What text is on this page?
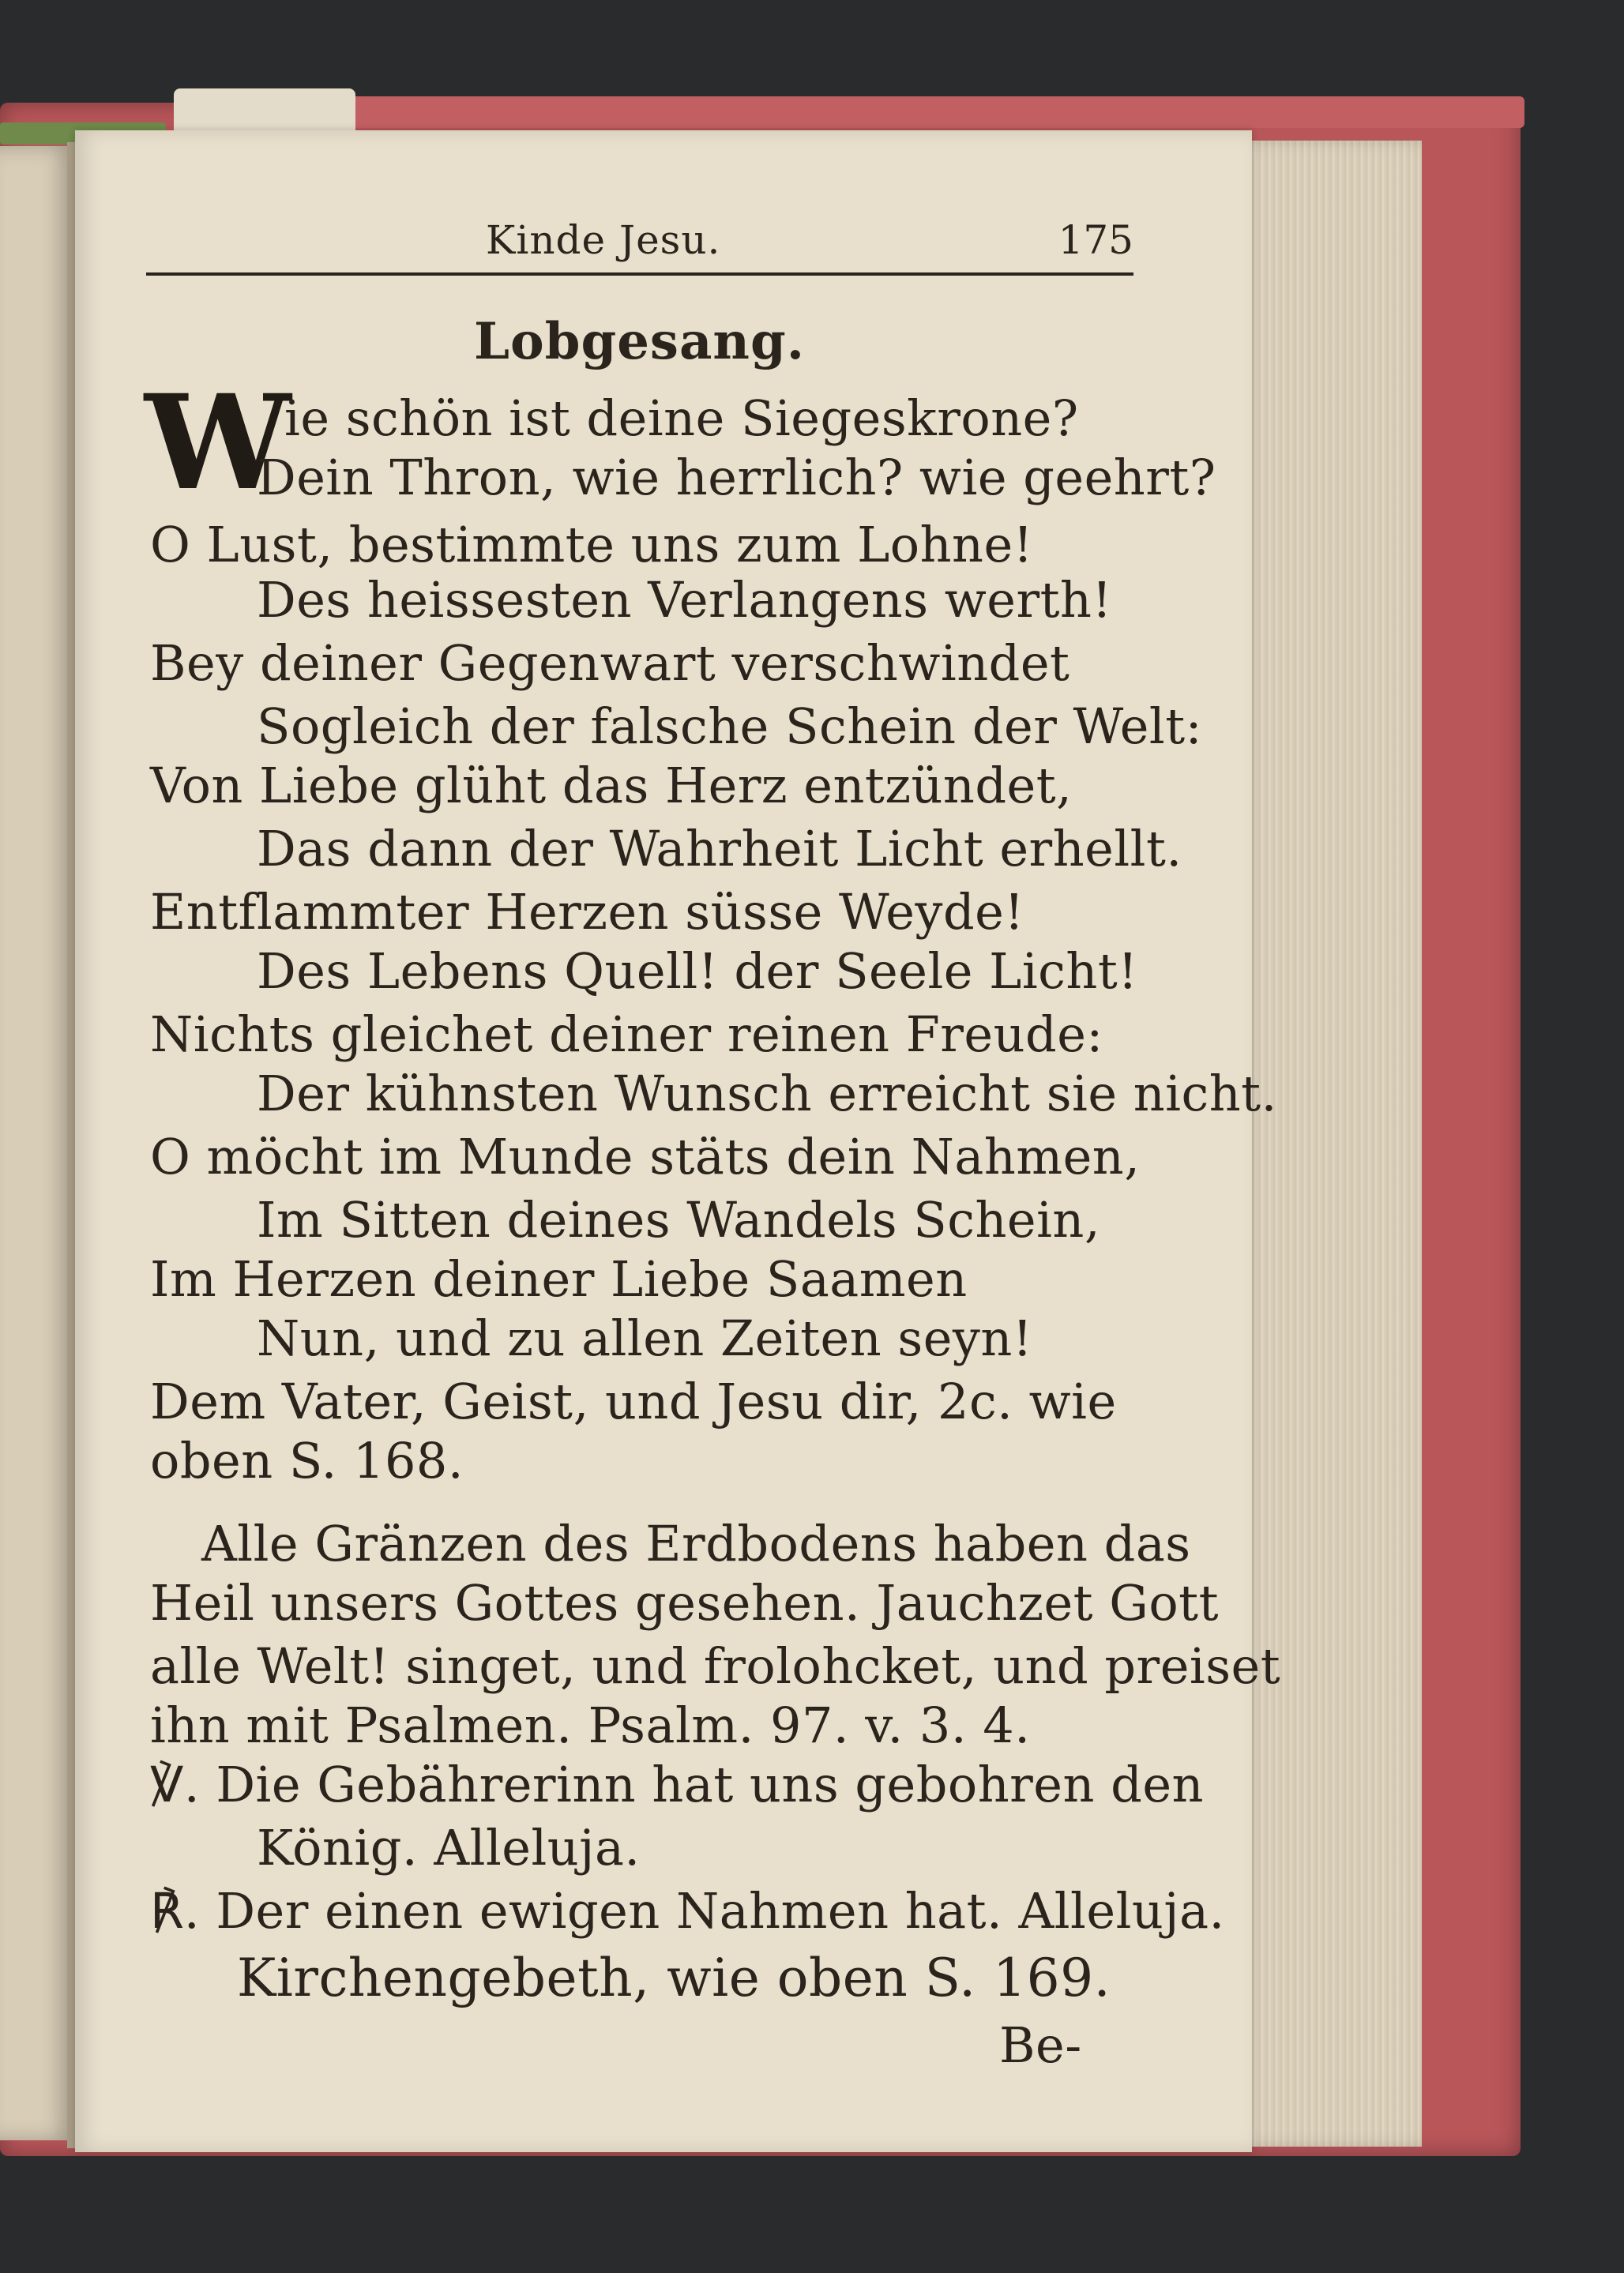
Kinde Jesu.	175
Lobgesang.
W
ie schön ist deine Siegeskrone?
Dein Thron, wie herrlich? wie geehrt?
O Lust, bestimmte uns zum Lohne!
Des heissesten Verlangens werth!
Bey deiner Gegenwart verschwindet
Sogleich der falsche Schein der Welt:
Von Liebe glüht das Herz entzündet,
Das dann der Wahrheit Licht erhellt.
Entflammter Herzen süsse Weyde!
Des Lebens Quell! der Seele Licht!
Nichts gleichet deiner reinen Freude:
Der kühnsten Wunsch erreicht sie nicht.
O möcht im Munde stäts dein Nahmen,
Im Sitten deines Wandels Schein,
Im Herzen deiner Liebe Saamen
Nun, und zu allen Zeiten seyn!
Dem Vater, Geist, und Jesu dir, 2c. wie
oben S. 168.
Alle Gränzen des Erdbodens haben das
Heil unsers Gottes gesehen. Jauchzet Gott
alle Welt! singet, und frolohcket, und preiset
ihn mit Psalmen. Psalm. 97. v. 3. 4.
℣. Die Gebährerinn hat uns gebohren den
König. Alleluja.
℟. Der einen ewigen Nahmen hat. Alleluja.
Kirchengebeth, wie oben S. 169.
Be-
